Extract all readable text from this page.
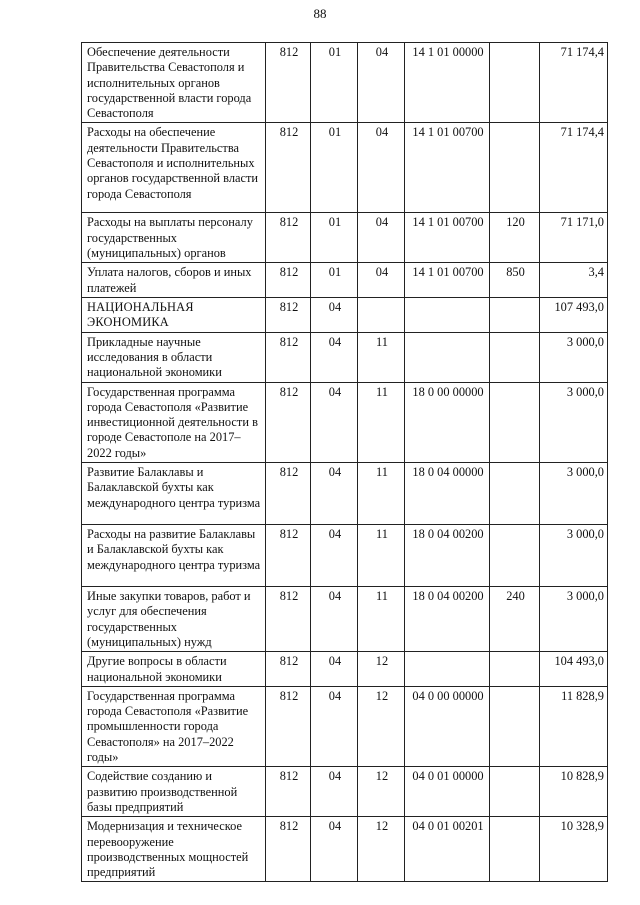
88
Обеспечение деятельности Правительства Севастополя и исполнительных органов государственной власти города Севастополя	812	01	04	14 1 01 00000		71 174,4
Расходы на обеспечение деятельности Правительства Севастополя и исполнительных органов государственной власти города Севастополя	812	01	04	14 1 01 00700		71 174,4
Расходы на выплаты персоналу государственных (муниципальных) органов	812	01	04	14 1 01 00700	120	71 171,0
Уплата налогов, сборов и иных платежей	812	01	04	14 1 01 00700	850	3,4
НАЦИОНАЛЬНАЯ ЭКОНОМИКА	812	04				107 493,0
Прикладные научные исследования в области национальной экономики	812	04	11			3 000,0
Государственная программа города Севастополя «Развитие инвестиционной деятельности в городе Севастополе на 2017–2022 годы»	812	04	11	18 0 00 00000		3 000,0
Развитие Балаклавы и Балаклавской бухты как международного центра туризма	812	04	11	18 0 04 00000		3 000,0
Расходы на развитие Балаклавы и Балаклавской бухты как международного центра туризма	812	04	11	18 0 04 00200		3 000,0
Иные закупки товаров, работ и услуг для обеспечения государственных (муниципальных) нужд	812	04	11	18 0 04 00200	240	3 000,0
Другие вопросы в области национальной экономики	812	04	12			104 493,0
Государственная программа города Севастополя «Развитие промышленности города Севастополя» на 2017–2022 годы»	812	04	12	04 0 00 00000		11 828,9
Содействие созданию и развитию производственной базы предприятий	812	04	12	04 0 01 00000		10 828,9
Модернизация и техническое перевооружение производственных мощностей предприятий	812	04	12	04 0 01 00201		10 328,9
